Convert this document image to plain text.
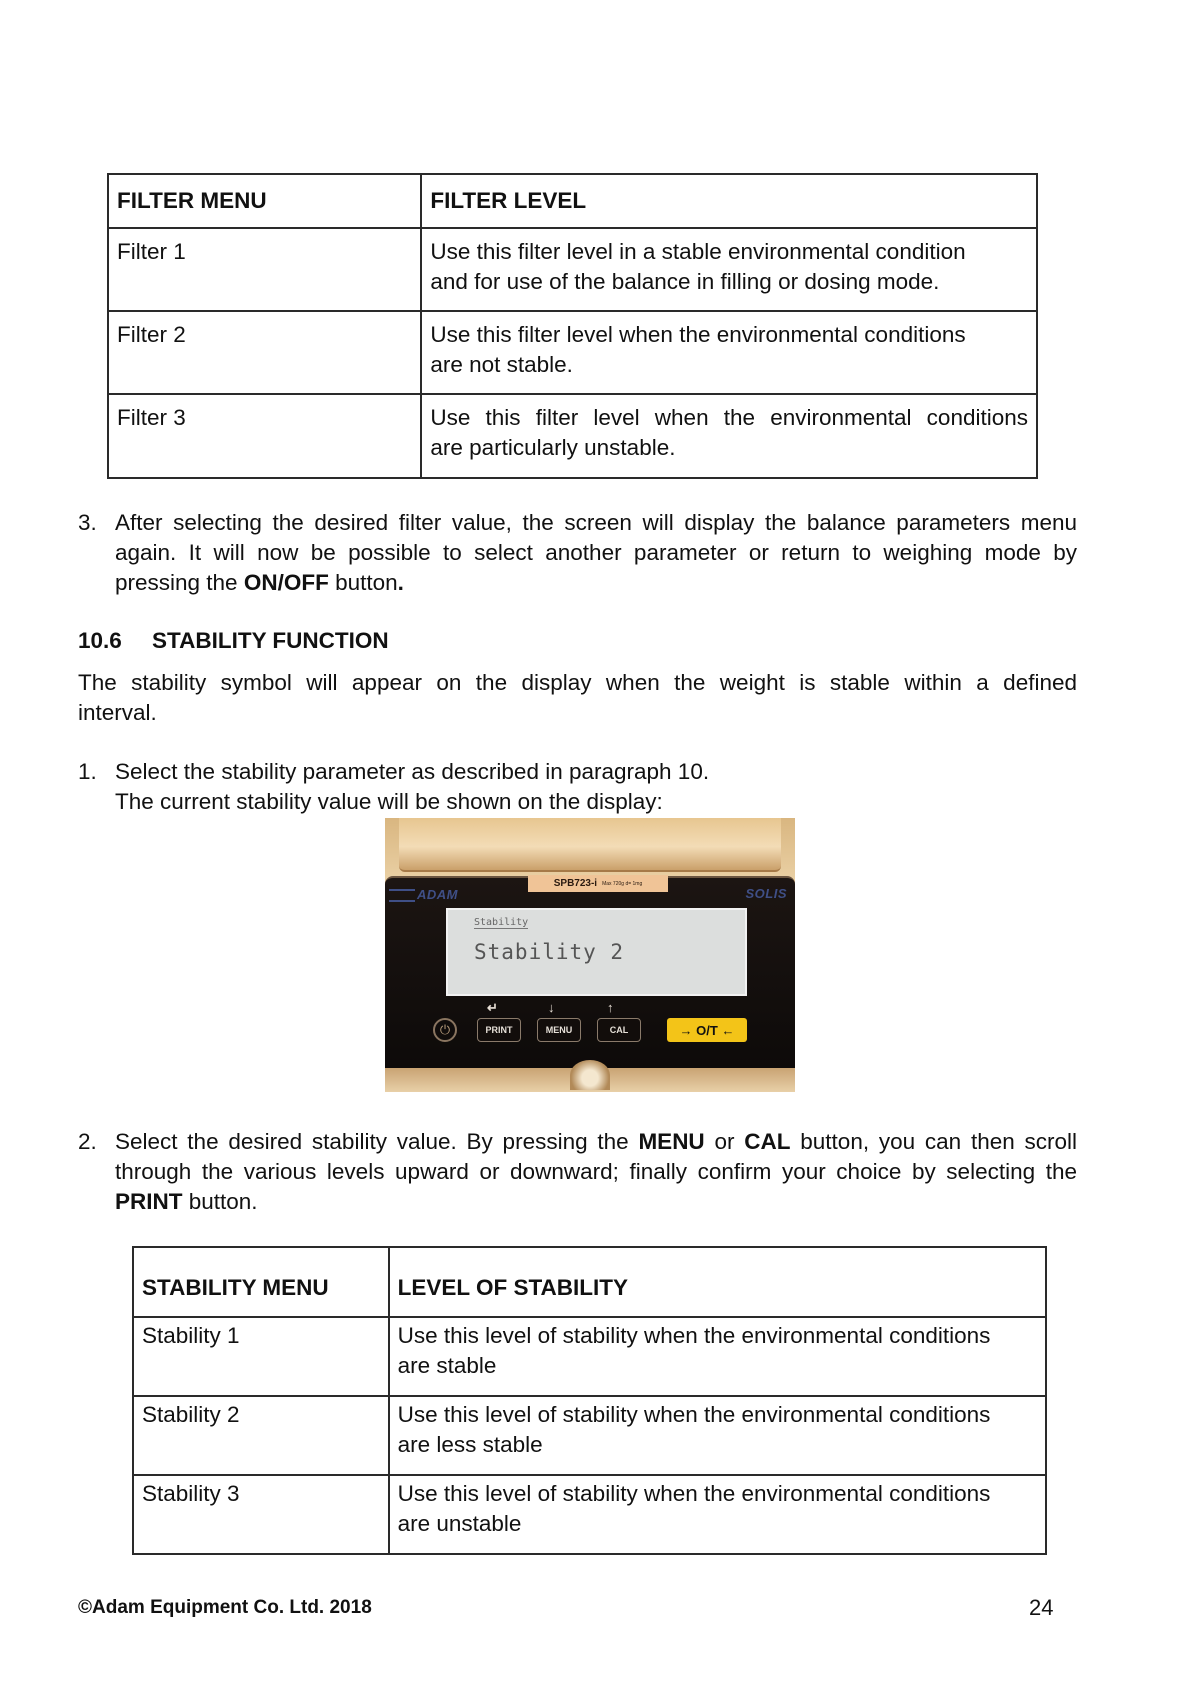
FILTER MENU	FILTER LEVEL
Filter 1	Use this filter level in a stable environmental condition
and for use of the balance in filling or dosing mode.

Filter 2	Use this filter level when the environmental conditions
are not stable.

Filter 3	Use this filter level when the environmental conditions
are particularly unstable.
3. After selecting the desired filter value, the screen will display the balance parameters menu
again. It will now be possible to select another parameter or return to weighing mode by
pressing the ON/OFF button.
10.6 STABILITY FUNCTION
The stability symbol will appear on the display when the weight is stable within a defined
interval.
1. Select the stability parameter as described in paragraph 10.
The current stability value will be shown on the display:
ADAM	SOLIS
SPB723-i Max 720g d= 1mg
Stability
Stability 2
↵	↓	↑
⏻	PRINT	MENU	CAL	→ O/T ←
2. Select the desired stability value. By pressing the MENU or CAL button, you can then scroll
through the various levels upward or downward; finally confirm your choice by selecting the
PRINT button.
STABILITY MENU	LEVEL OF STABILITY
Stability 1	Use this level of stability when the environmental conditions
are stable

Stability 2	Use this level of stability when the environmental conditions
are less stable

Stability 3	Use this level of stability when the environmental conditions
are unstable
©Adam Equipment Co. Ltd. 2018	24
